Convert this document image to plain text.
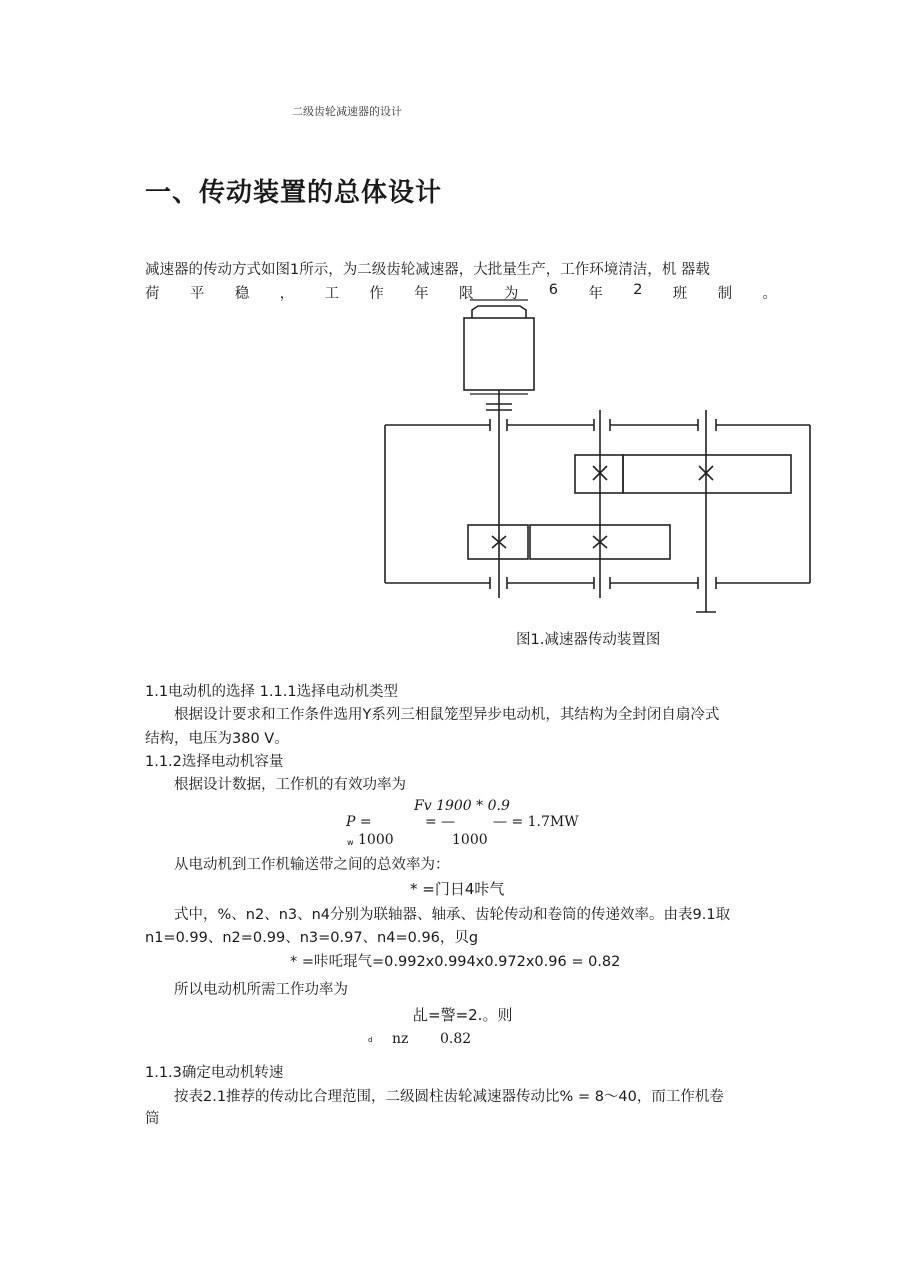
二级齿轮减速器的设计
一、传动装置的总体设计
减速器的传动方式如图1所示，为二级齿轮减速器，大批量生产，工作环境清洁，机 器载
荷 平 稳 ， 工 作 年 限 为 6 年 2 班 制 。
图1.减速器传动装置图
1.1电动机的选择 1.1.1选择电动机类型
根据设计要求和工作条件选用Y系列三相鼠笼型异步电动机，其结构为全封闭自扇冷式
结构，电压为380 V。
1.1.2选择电动机容量
根据设计数据，工作机的有效功率为
Fv 1900 * 0.9
P =	= —	— = 1.7MW
w 1000	1000
从电动机到工作机输送带之间的总效率为：
* =门日4咔气
式中，%、n2、n3、n4分别为联轴器、轴承、齿轮传动和卷筒的传递效率。由表9.1取
n1=0.99、n2=0.99、n3=0.97、n4=0.96，贝g
* =咔吒琨气=0.992x0.994x0.972x0.96 = 0.82
所以电动机所需工作功率为
乩=警=2.。则
d nz 0.82
1.1.3确定电动机转速
按表2.1推荐的传动比合理范围，二级圆柱齿轮减速器传动比% = 8～40，而工作机卷
筒
